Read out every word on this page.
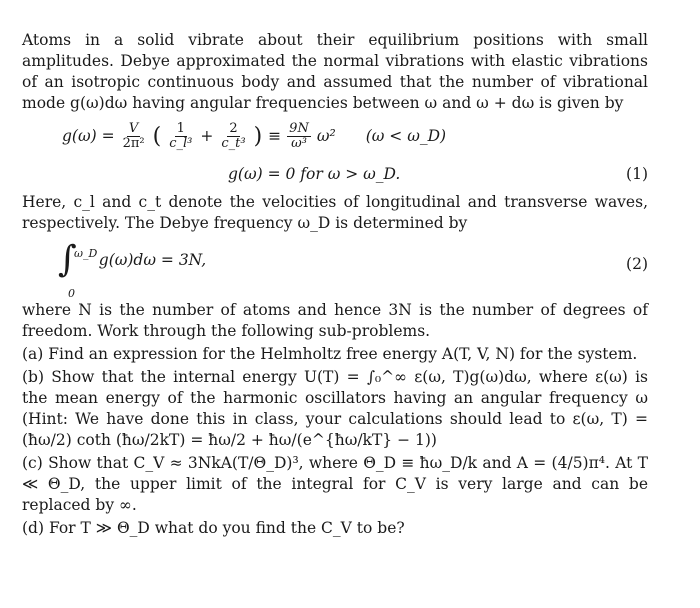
Atoms in a solid vibrate about their equilibrium positions with small amplitudes. Debye approximated the normal vibrations with elastic vibrations of an isotropic continuous body and assumed that the number of vibrational mode g(ω)dω having angular frequencies between ω and ω + dω is given by

$g(\omega) = \frac{V}{\text{2π²}}$ ( $\frac{1}{\text{c\_l³}} + \frac{2}{\text{c\_t³}}$ ) ≡ $\frac{9N}{\text{ω³}} \omega^2$ (ω < ω_D)
g(ω) = 0 for ω > ω_D.	(1)

Here, c_l and c_t denote the velocities of longitudinal and transverse waves, respectively. The Debye frequency ω_D is determined by

∫
ω_D
0
g(ω)dω = 3N,	(2)

where N is the number of atoms and hence 3N is the number of degrees of freedom. Work through the following sub-problems.

(a) Find an expression for the Helmholtz free energy A(T, V, N) for the system.

(b) Show that the internal energy U(T) = ∫₀^∞ ε(ω, T)g(ω)dω, where ε(ω) is the mean energy of the harmonic oscillators having an angular frequency ω (Hint: We have done this in class, your calculations should lead to ε(ω, T) = (ħω/2) coth (ħω/2kT) = ħω/2 + ħω/(e^{ħω/kT} − 1))

(c) Show that C_V ≈ 3NkA(T/Θ_D)³, where Θ_D ≡ ħω_D/k and A = (4/5)π⁴. At T ≪ Θ_D, the upper limit of the integral for C_V is very large and can be replaced by ∞.

(d) For T ≫ Θ_D what do you find the C_V to be?
